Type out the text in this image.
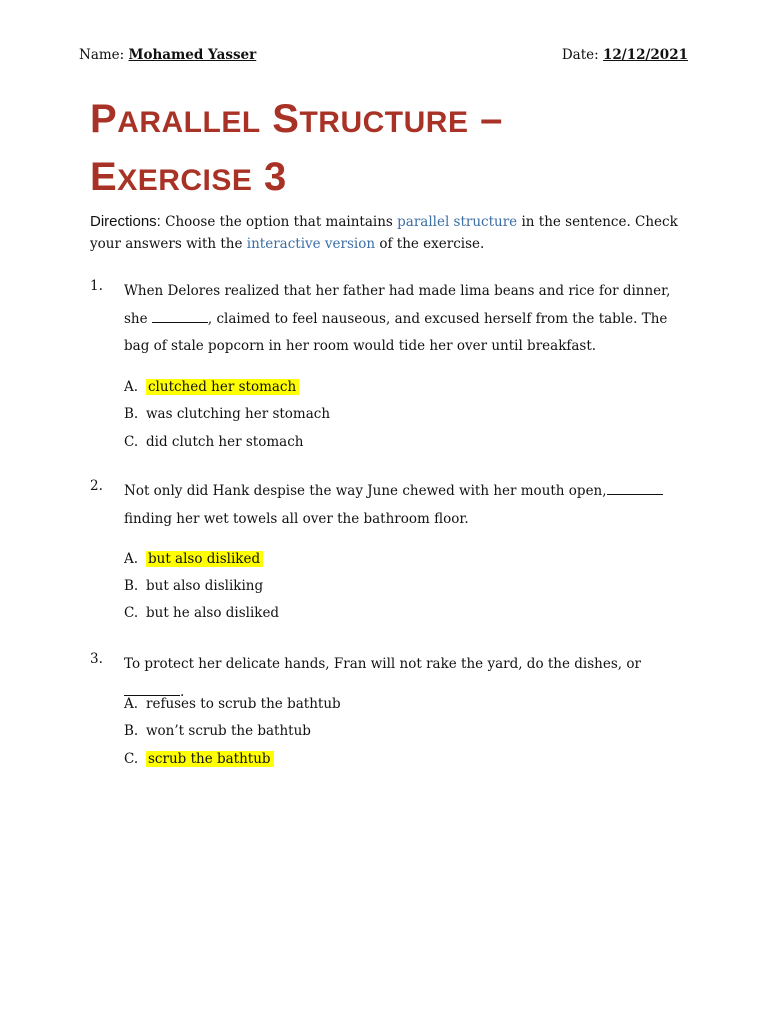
Name: Mohamed Yasser	Date: 12/12/2021
PARALLEL STRUCTURE –
EXERCISE 3
Directions: Choose the option that maintains parallel structure in the sentence. Check your answers with the interactive version of the exercise.
1. When Delores realized that her father had made lima beans and rice for dinner, she	, claimed to feel nauseous, and excused herself from the table. The bag of stale popcorn in her room would tide her over until breakfast.
A. clutched her stomach
B. was clutching her stomach
C. did clutch her stomach
2. Not only did Hank despise the way June chewed with her mouth open,finding her wet towels all over the bathroom floor.
A. but also disliked
B. but also disliking
C. but he also disliked
3. To protect her delicate hands, Fran will not rake the yard, do the dishes, or.
A. refuses to scrub the bathtub
B. won’t scrub the bathtub
C. scrub the bathtub
